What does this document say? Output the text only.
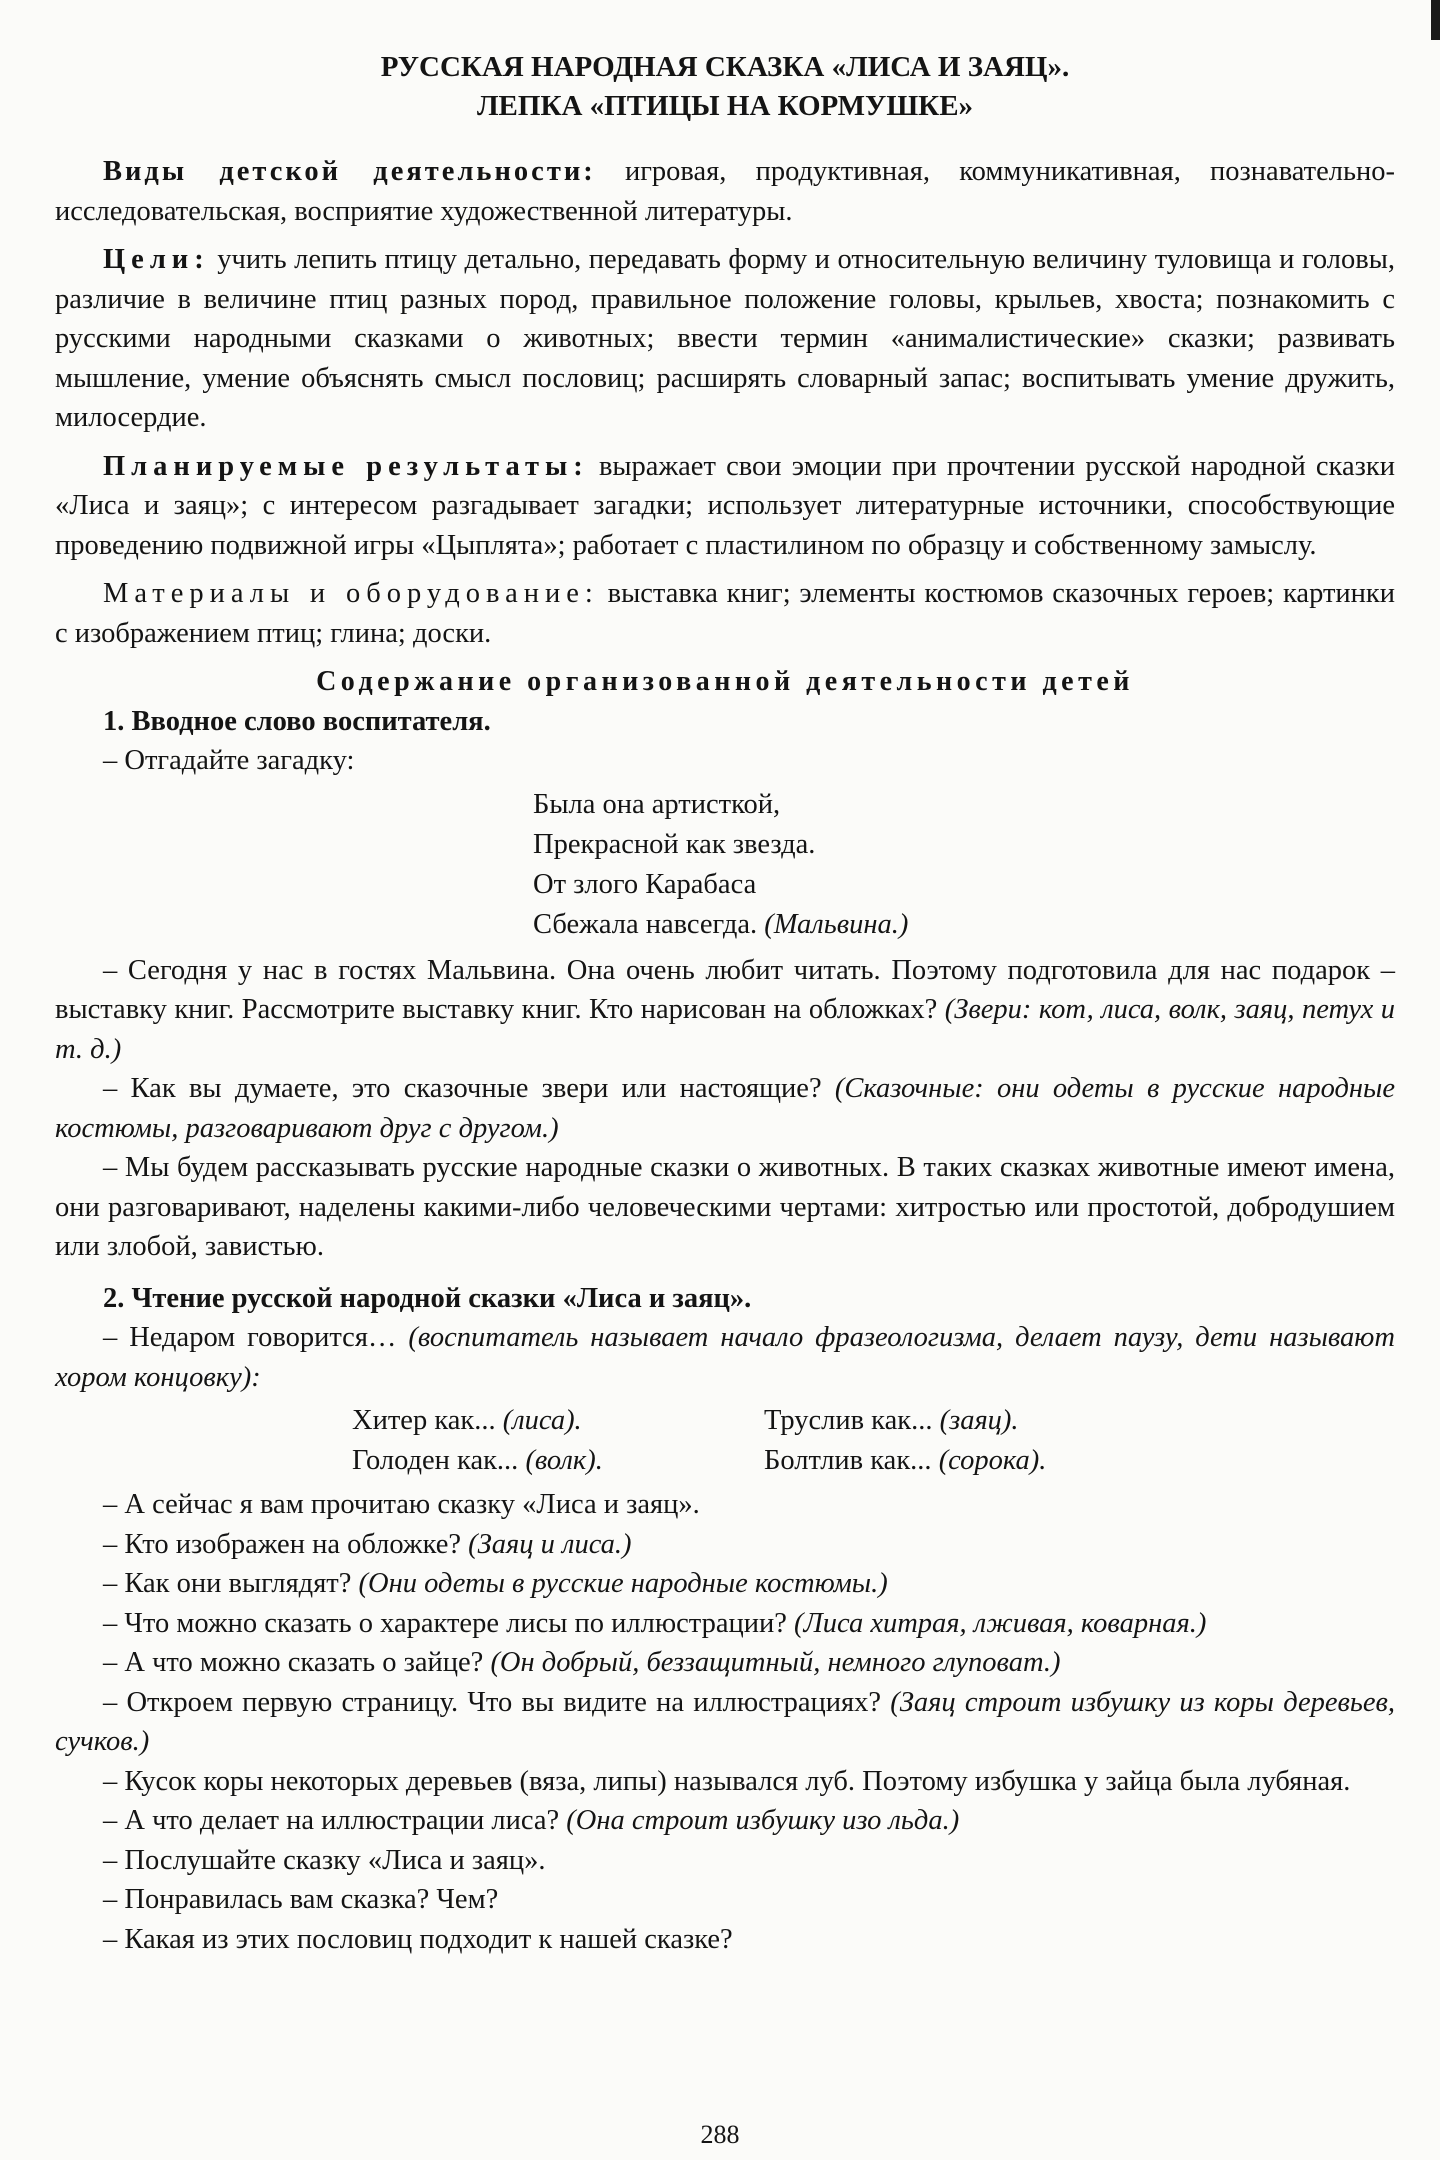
РУССКАЯ НАРОДНАЯ СКАЗКА «ЛИСА И ЗАЯЦ».
ЛЕПКА «ПТИЦЫ НА КОРМУШКЕ»

Виды детской деятельности: игровая, продуктивная, коммуникативная, познавательно-исследовательская, восприятие художественной литературы.

Цели: учить лепить птицу детально, передавать форму и относительную величину туловища и головы, различие в величине птиц разных пород, правильное положение головы, крыльев, хвоста; познакомить с русскими народными сказками о животных; ввести термин «анималистические» сказки; развивать мышление, умение объяснять смысл пословиц; расширять словарный запас; воспитывать умение дружить, милосердие.

Планируемые результаты: выражает свои эмоции при прочтении русской народной сказки «Лиса и заяц»; с интересом разгадывает загадки; использует литературные источники, способствующие проведению подвижной игры «Цыплята»; работает с пластилином по образцу и собственному замыслу.

Материалы и оборудование: выставка книг; элементы костюмов сказочных героев; картинки с изображением птиц; глина; доски.

Содержание организованной деятельности детей

1. Вводное слово воспитателя.

– Отгадайте загадку:

Была она артисткой,
Прекрасной как звезда.
От злого Карабаса
Сбежала навсегда. (Мальвина.)

– Сегодня у нас в гостях Мальвина. Она очень любит читать. Поэтому подготовила для нас подарок – выставку книг. Рассмотрите выставку книг. Кто нарисован на обложках? (Звери: кот, лиса, волк, заяц, петух и т. д.)

– Как вы думаете, это сказочные звери или настоящие? (Сказочные: они одеты в русские народные костюмы, разговаривают друг с другом.)

– Мы будем рассказывать русские народные сказки о животных. В таких сказках животные имеют имена, они разговаривают, наделены какими-либо человеческими чертами: хитростью или простотой, добродушием или злобой, завистью.

2. Чтение русской народной сказки «Лиса и заяц».

– Недаром говорится… (воспитатель называет начало фразеологизма, делает паузу, дети называют хором концовку):

Хитер как... (лиса).	Труслив как... (заяц).
Голоден как... (волк).	Болтлив как... (сорока).

– А сейчас я вам прочитаю сказку «Лиса и заяц».

– Кто изображен на обложке? (Заяц и лиса.)

– Как они выглядят? (Они одеты в русские народные костюмы.)

– Что можно сказать о характере лисы по иллюстрации? (Лиса хитрая, лживая, коварная.)

– А что можно сказать о зайце? (Он добрый, беззащитный, немного глуповат.)

– Откроем первую страницу. Что вы видите на иллюстрациях? (Заяц строит избушку из коры деревьев, сучков.)

– Кусок коры некоторых деревьев (вяза, липы) назывался луб. Поэтому избушка у зайца была лубяная.

– А что делает на иллюстрации лиса? (Она строит избушку изо льда.)

– Послушайте сказку «Лиса и заяц».

– Понравилась вам сказка? Чем?

– Какая из этих пословиц подходит к нашей сказке?

288
